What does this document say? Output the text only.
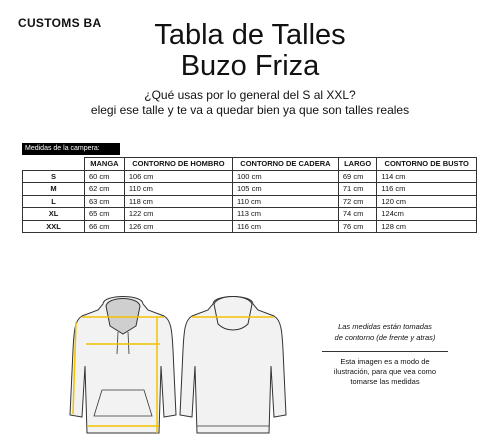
CUSTOMS BA	Tabla de Talles
Buzo Friza
¿Qué usas por lo general del S al XXL?
elegi ese talle y te va a quedar bien ya que son talles reales
Medidas de la campera:
	MANGA	CONTORNO DE HOMBRO	CONTORNO DE CADERA	LARGO	CONTORNO DE BUSTO
S	60 cm	106 cm	100 cm	69 cm	114 cm
M	62 cm	110 cm	105 cm	71 cm	116 cm
L	63 cm	118 cm	110 cm	72 cm	120 cm
XL	65 cm	122 cm	113 cm	74 cm	124cm
XXL	66 cm	126 cm	116 cm	76 cm	128 cm
Las medidas están tomadas
de contorno (de frente y atras)
Esta imagen es a modo de
ilustración, para que vea como
tomarse las medidas
